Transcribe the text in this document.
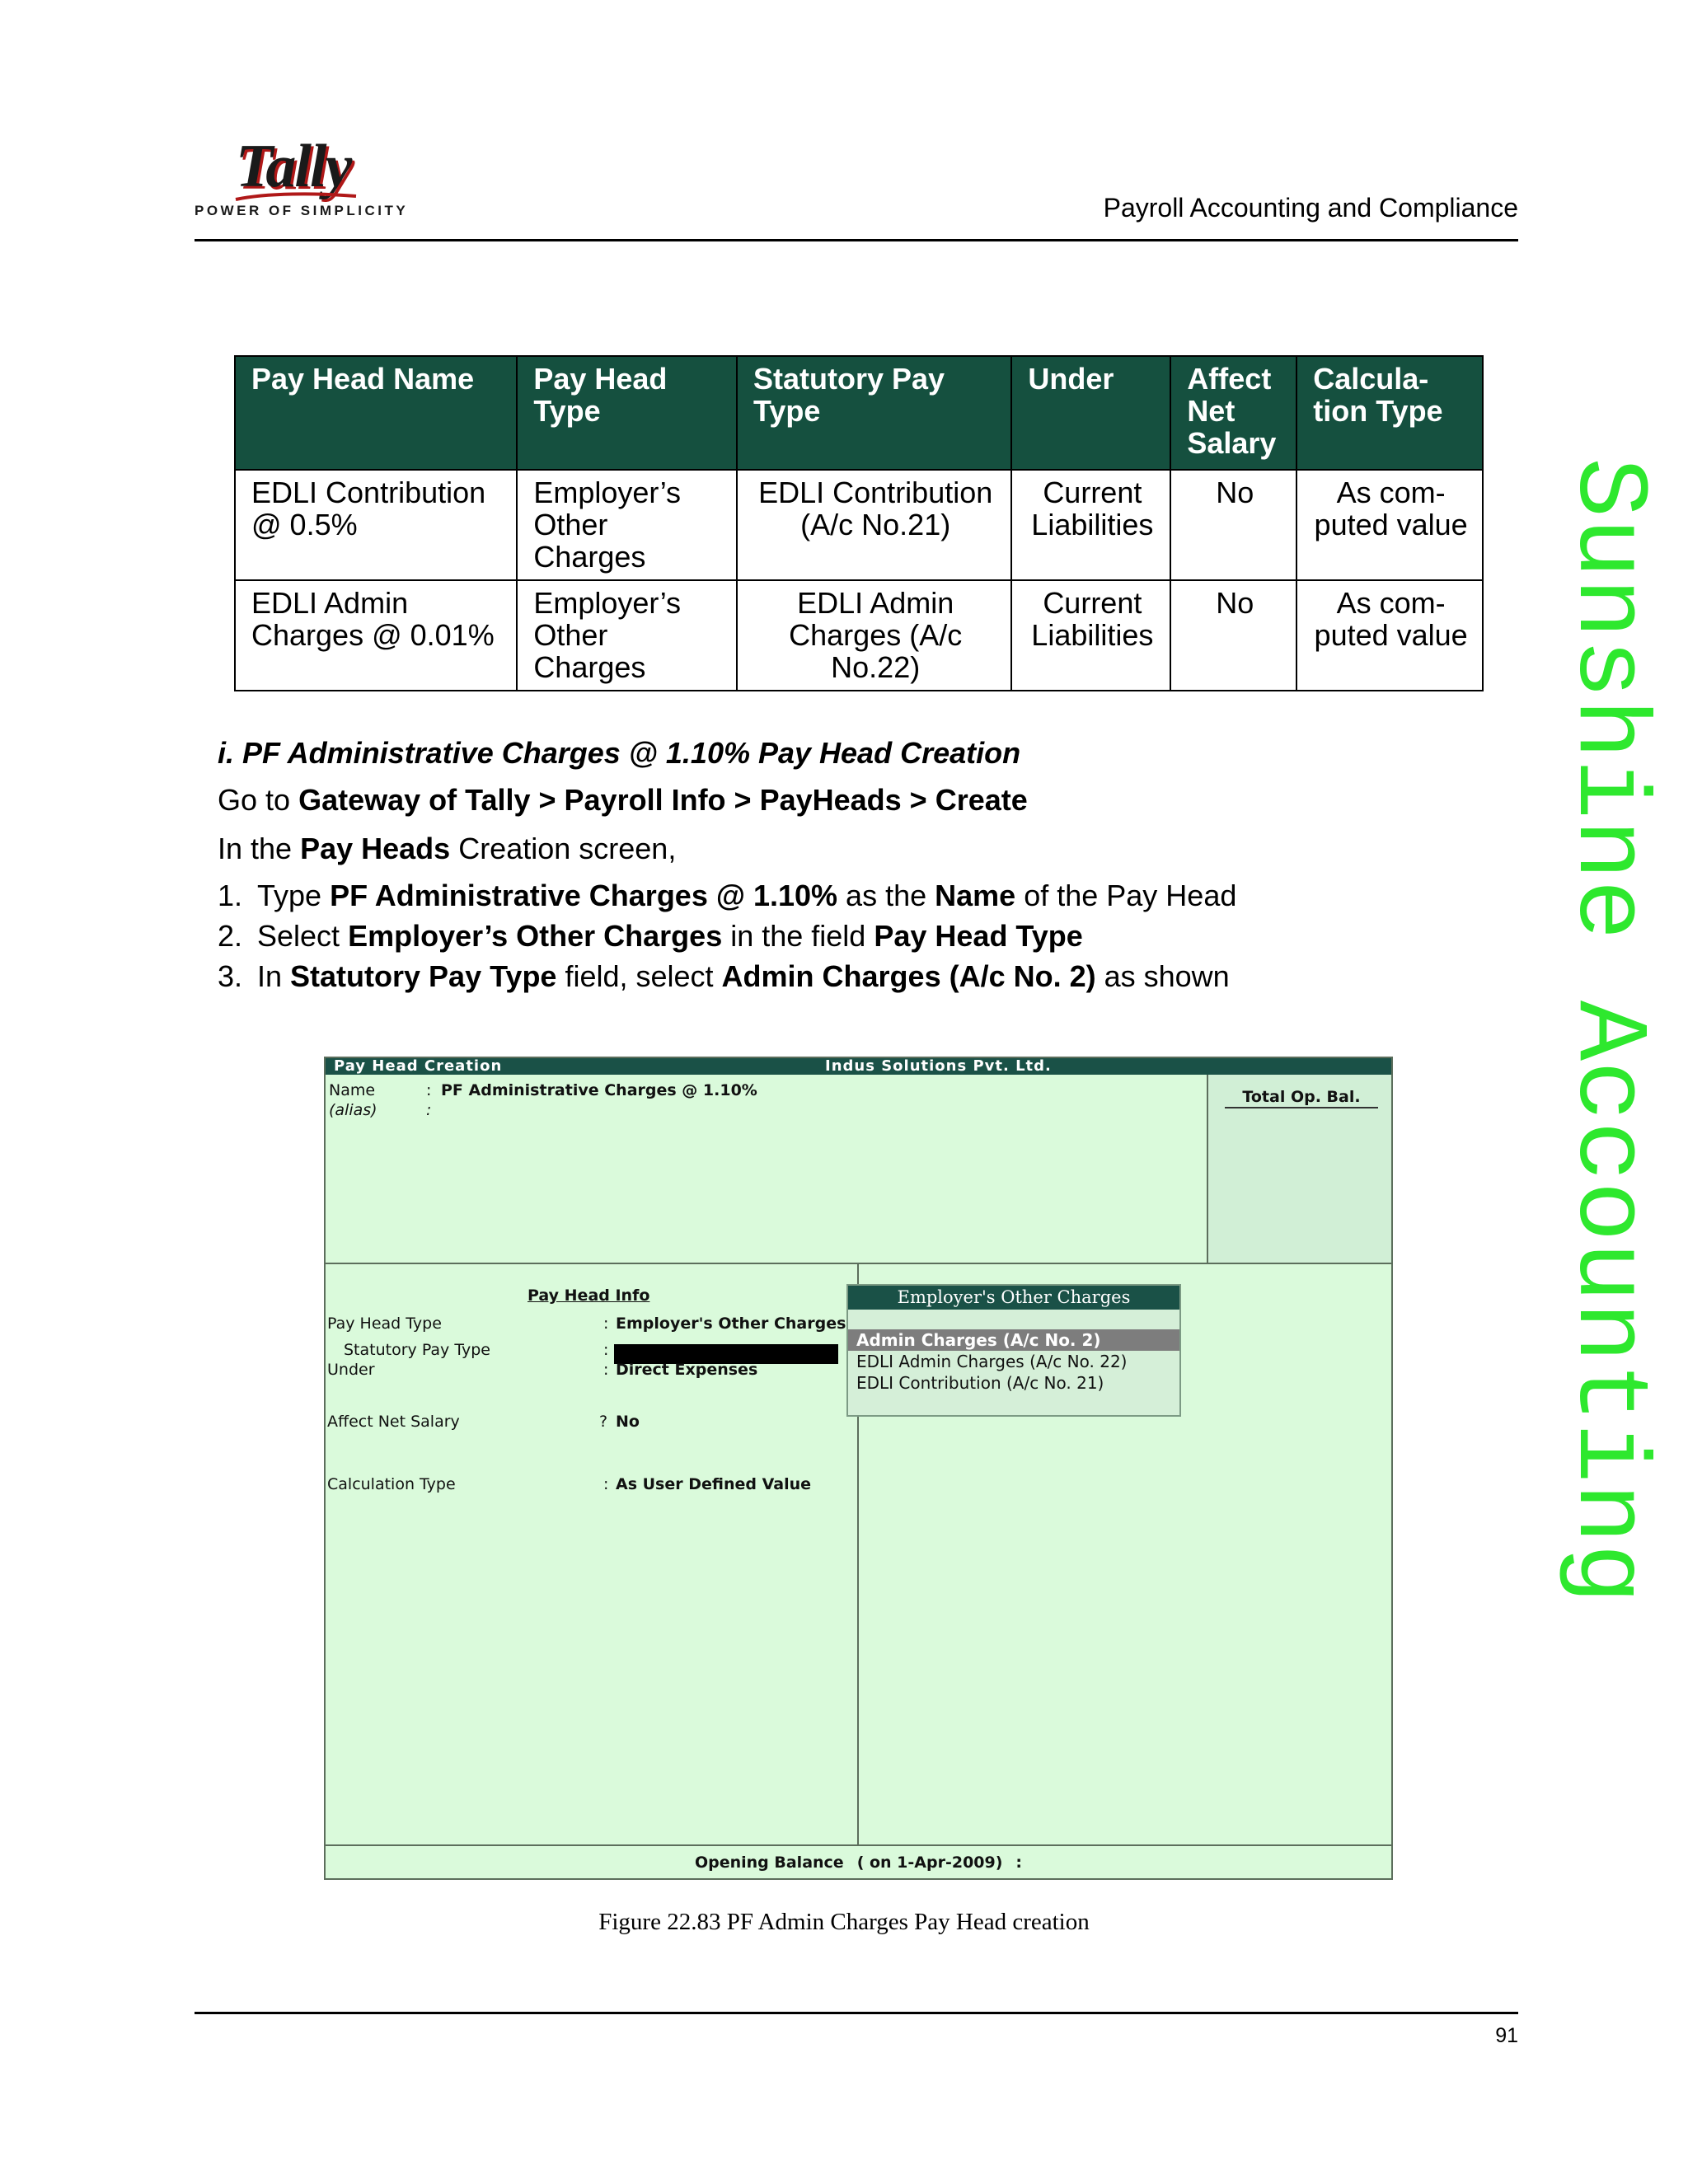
Tally
POWER OF SIMPLICITY	Payroll Accounting and Compliance
Sunshine Accounting
Pay Head Name	Pay Head Type	Statutory Pay Type	Under	Affect Net Salary	Calcula-tion Type
EDLI Contribution @ 0.5%	Employer’s Other Charges	EDLI Contribution (A/c No.21)	Current Liabilities	No	As com-puted value
EDLI Admin Charges @ 0.01%	Employer’s Other Charges	EDLI Admin Charges (A/c No.22)	Current Liabilities	No	As com-puted value
i. PF Administrative Charges @ 1.10% Pay Head Creation
Go to Gateway of Tally > Payroll Info > PayHeads > Create
In the Pay Heads Creation screen,
1. Type PF Administrative Charges @ 1.10% as the Name of the Pay Head
2. Select Employer’s Other Charges in the field Pay Head Type
3. In Statutory Pay Type field, select Admin Charges (A/c No. 2) as shown
Pay Head Creation	Indus Solutions Pvt. Ltd.
Name	: PF Administrative Charges @ 1.10%
(alias)	:
Total Op. Bal.
Pay Head Info
Pay Head Type	: Employer's Other Charges
Statutory Pay Type	:
Under	: Direct Expenses
Affect Net Salary	? No
Calculation Type	: As User Defined Value
Employer's Other Charges
Admin Charges (A/c No. 2)
EDLI Admin Charges (A/c No. 22)
EDLI Contribution (A/c No. 21)
Opening Balance ( on 1-Apr-2009) :
Figure 22.83 PF Admin Charges Pay Head creation
91
